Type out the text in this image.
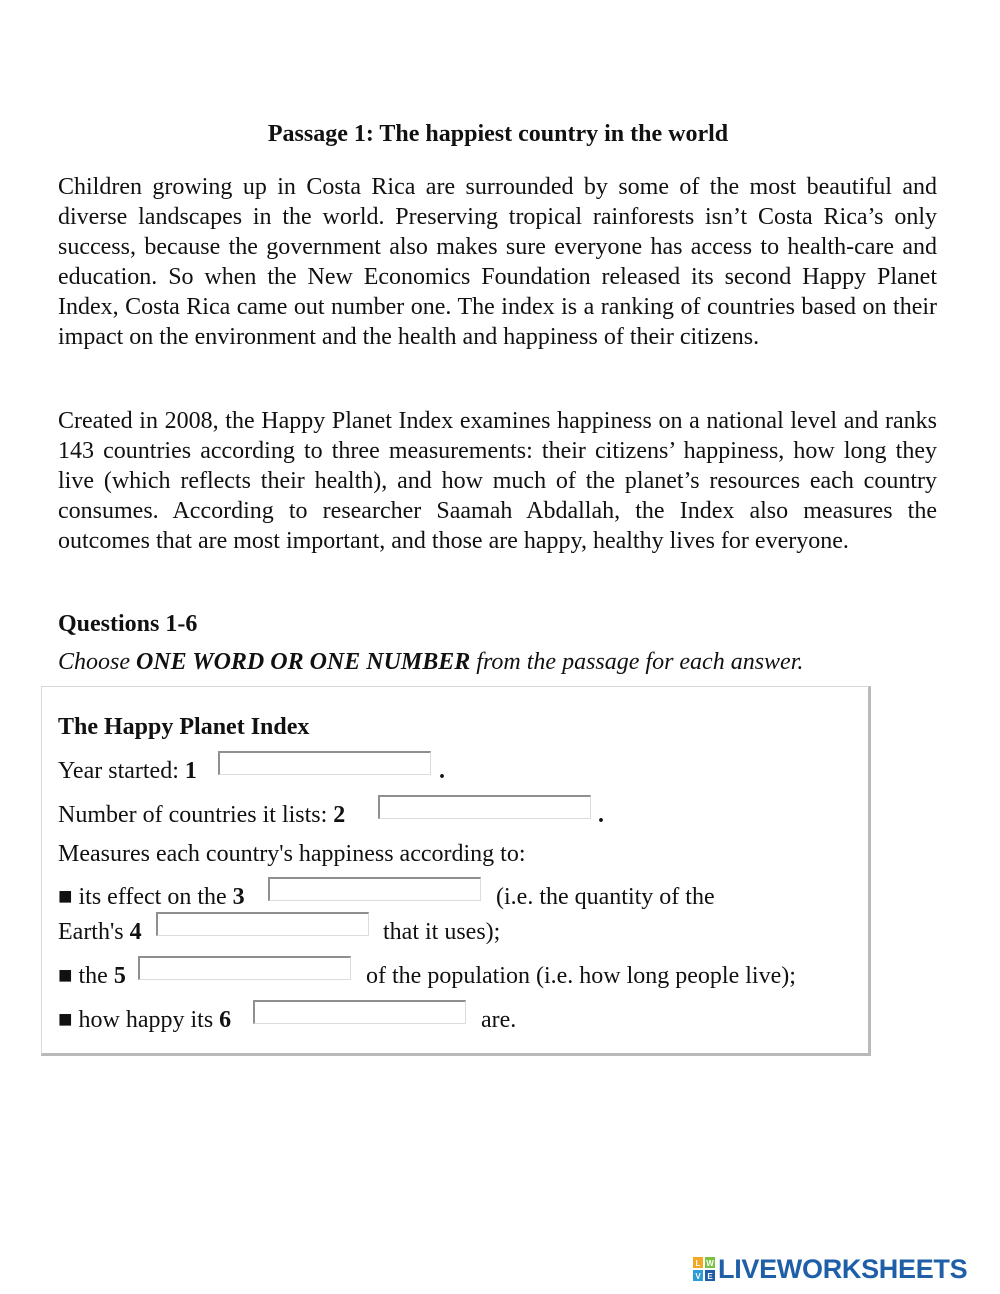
Passage 1: The happiest country in the world

Children growing up in Costa Rica are surrounded by some of the most beautiful and diverse landscapes in the world. Preserving tropical rainforests isn’t Costa Rica’s only success, because the government also makes sure everyone has access to health-care and education. So when the New Economics Foundation released its second Happy Planet Index, Costa Rica came out number one. The index is a ranking of countries based on their impact on the environment and the health and happiness of their citizens.

Created in 2008, the Happy Planet Index examines happiness on a national level and ranks 143 countries according to three measurements: their citizens’ happiness, how long they live (which reflects their health), and how much of the planet’s resources each country consumes. According to researcher Saamah Abdallah, the Index also measures the outcomes that are most important, and those are happy, healthy lives for everyone.

Questions 1-6
Choose ONE WORD OR ONE NUMBER from the passage for each answer.
The Happy Planet Index
Year started: 1	.
Number of countries it lists: 2	.
Measures each country's happiness according to:
■ its effect on the 3	(i.e. the quantity of the
Earth's 4	that it uses);
■ the 5	of the population (i.e. how long people live);
■ how happy its 6	are.
L W
V E LIVEWORKSHEETS
